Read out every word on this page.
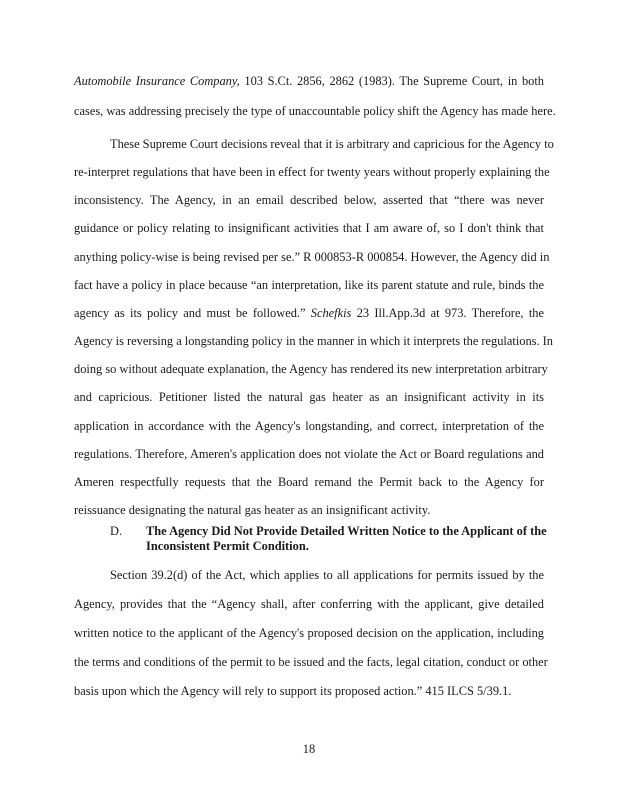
Automobile Insurance Company, 103 S.Ct. 2856, 2862 (1983). The Supreme Court, in both
cases, was addressing precisely the type of unaccountable policy shift the Agency has made here.
These Supreme Court decisions reveal that it is arbitrary and capricious for the Agency to
re-interpret regulations that have been in effect for twenty years without properly explaining the
inconsistency. The Agency, in an email described below, asserted that “there was never
guidance or policy relating to insignificant activities that I am aware of, so I don't think that
anything policy-wise is being revised per se.” R 000853-R 000854. However, the Agency did in
fact have a policy in place because “an interpretation, like its parent statute and rule, binds the
agency as its policy and must be followed.” Schefkis 23 Ill.App.3d at 973. Therefore, the
Agency is reversing a longstanding policy in the manner in which it interprets the regulations. In
doing so without adequate explanation, the Agency has rendered its new interpretation arbitrary
and capricious. Petitioner listed the natural gas heater as an insignificant activity in its
application in accordance with the Agency's longstanding, and correct, interpretation of the
regulations. Therefore, Ameren's application does not violate the Act or Board regulations and
Ameren respectfully requests that the Board remand the Permit back to the Agency for
reissuance designating the natural gas heater as an insignificant activity.
D. The Agency Did Not Provide Detailed Written Notice to the Applicant of the
Inconsistent Permit Condition.
Section 39.2(d) of the Act, which applies to all applications for permits issued by the
Agency, provides that the “Agency shall, after conferring with the applicant, give detailed
written notice to the applicant of the Agency's proposed decision on the application, including
the terms and conditions of the permit to be issued and the facts, legal citation, conduct or other
basis upon which the Agency will rely to support its proposed action.” 415 ILCS 5/39.1.
18
